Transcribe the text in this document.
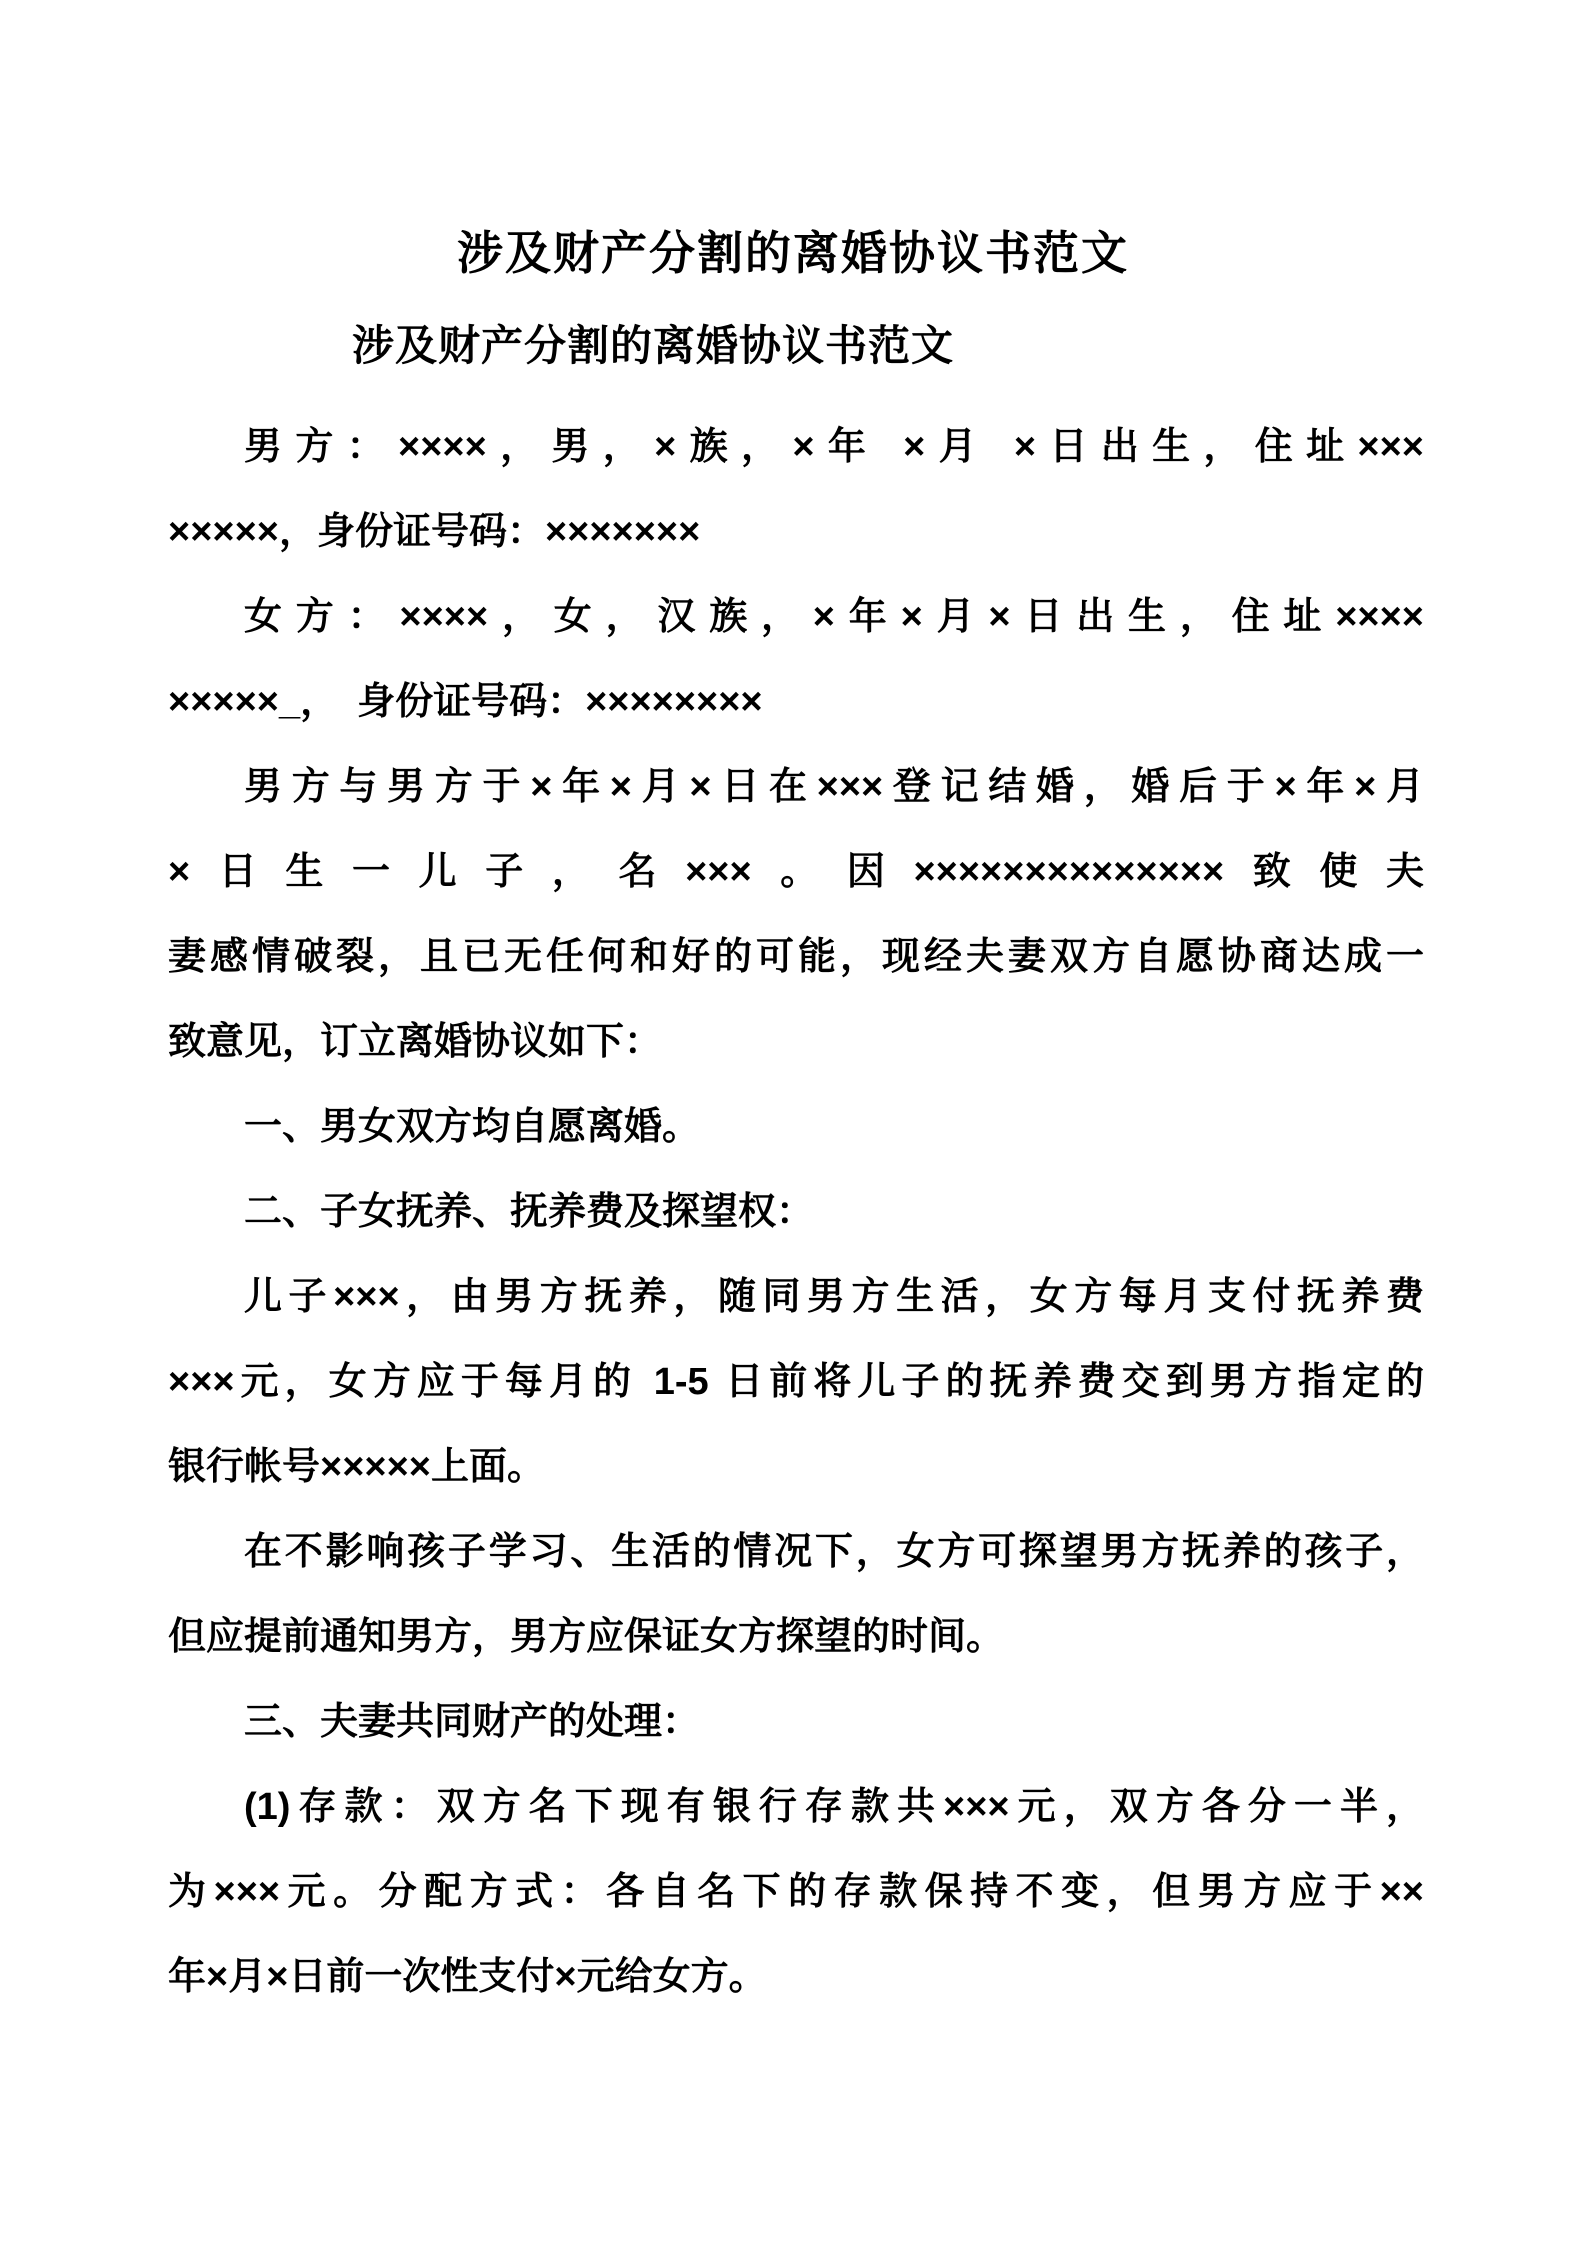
涉及财产分割的离婚协议书范文
涉及财产分割的离婚协议书范文
男方：××××，男，×族，×年 ×月 ×日出生，住址×××
×××××，身份证号码：×××××××
女方：××××，女，汉族，×年×月×日出生，住址××××
×××××_，　身份证号码：××××××××
男方与男方于×年×月×日在×××登记结婚，婚后于×年×月
×日生一儿子，名×××。因××××××××××××××致使夫
妻感情破裂，且已无任何和好的可能，现经夫妻双方自愿协商达成一
致意见，订立离婚协议如下：
一、男女双方均自愿离婚。
二、子女抚养、抚养费及探望权：
儿子×××，由男方抚养，随同男方生活，女方每月支付抚养费
×××元，女方应于每月的 1-5 日前将儿子的抚养费交到男方指定的
银行帐号×××××上面。
在不影响孩子学习、生活的情况下，女方可探望男方抚养的孩子，
但应提前通知男方，男方应保证女方探望的时间。
三、夫妻共同财产的处理：
(1)存款：双方名下现有银行存款共×××元，双方各分一半，
为×××元。分配方式：各自名下的存款保持不变，但男方应于××
年×月×日前一次性支付×元给女方。
